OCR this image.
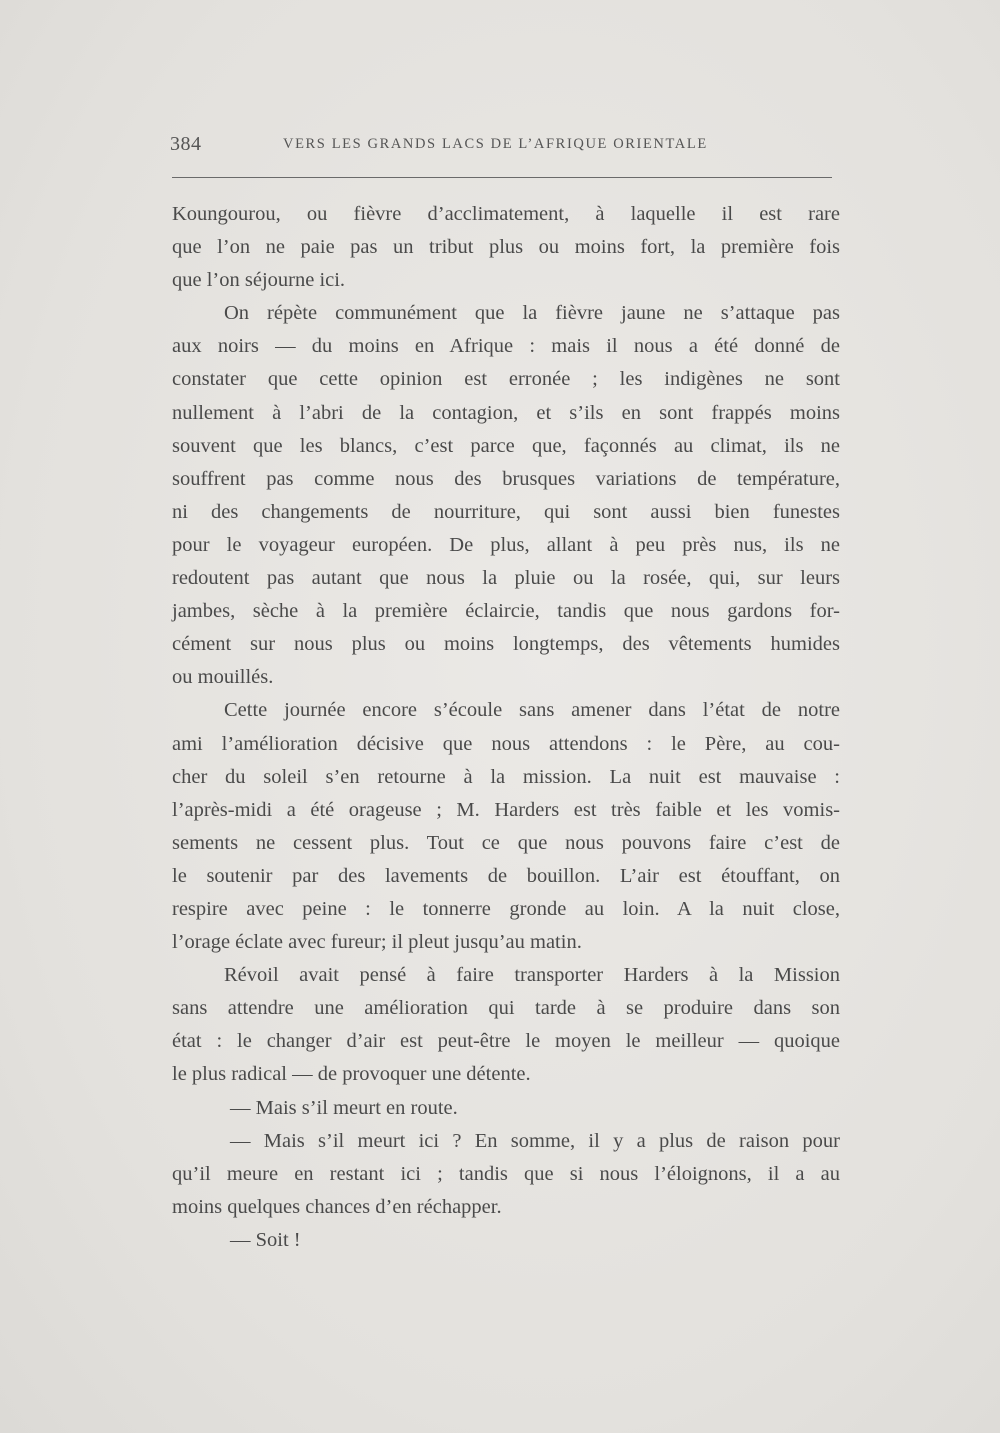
384	VERS LES GRANDS LACS DE L’AFRIQUE ORIENTALE
Koungourou, ou fièvre d’acclimatement, à laquelle il est rare
que l’on ne paie pas un tribut plus ou moins fort, la première fois
que l’on séjourne ici.
On répète communément que la fièvre jaune ne s’attaque pas
aux noirs — du moins en Afrique : mais il nous a été donné de
constater que cette opinion est erronée ; les indigènes ne sont
nullement à l’abri de la contagion, et s’ils en sont frappés moins
souvent que les blancs, c’est parce que, façonnés au climat, ils ne
souffrent pas comme nous des brusques variations de température,
ni des changements de nourriture, qui sont aussi bien funestes
pour le voyageur européen. De plus, allant à peu près nus, ils ne
redoutent pas autant que nous la pluie ou la rosée, qui, sur leurs
jambes, sèche à la première éclaircie, tandis que nous gardons for-
cément sur nous plus ou moins longtemps, des vêtements humides
ou mouillés.
Cette journée encore s’écoule sans amener dans l’état de notre
ami l’amélioration décisive que nous attendons : le Père, au cou-
cher du soleil s’en retourne à la mission. La nuit est mauvaise :
l’après-midi a été orageuse ; M. Harders est très faible et les vomis-
sements ne cessent plus. Tout ce que nous pouvons faire c’est de
le soutenir par des lavements de bouillon. L’air est étouffant, on
respire avec peine : le tonnerre gronde au loin. A la nuit close,
l’orage éclate avec fureur; il pleut jusqu’au matin.
Révoil avait pensé à faire transporter Harders à la Mission
sans attendre une amélioration qui tarde à se produire dans son
état : le changer d’air est peut-être le moyen le meilleur — quoique
le plus radical — de provoquer une détente.
— Mais s’il meurt en route.
— Mais s’il meurt ici ? En somme, il y a plus de raison pour
qu’il meure en restant ici ; tandis que si nous l’éloignons, il a au
moins quelques chances d’en réchapper.
— Soit !
